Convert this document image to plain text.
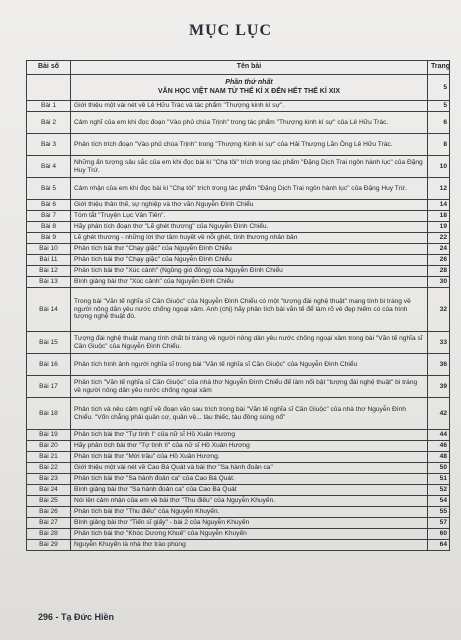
MỤC LỤC
Bài số	Tên bài	Trang

	Phần thứ nhất
VĂN HỌC VIỆT NAM TỪ THẾ KỈ X ĐẾN HẾT THẾ KỈ XIX	5
Bài 1	Giới thiệu một vài nét về Lê Hữu Trác và tác phẩm "Thượng kinh kí sự".	5
Bài 2	Cảm nghĩ của em khi đọc đoạn "Vào phủ chúa Trịnh" trong tác phẩm "Thượng kinh kí sự" của Lê Hữu Trác.	6
Bài 3	Phân tích trích đoạn "Vào phủ chúa Trịnh" trong "Thượng Kinh kí sự" của Hải Thượng Lãn Ông Lê Hữu Trác.	8
Bài 4	Những ấn tượng sâu sắc của em khi đọc bài kí "Chạ tôi" trích trong tác phẩm "Đặng Dịch Trai ngôn hành lục" của Đặng Huy Trứ.	10
Bài 5	Cảm nhận của em khi đọc bài kí "Chạ tôi" trích trong tác phẩm "Đặng Dịch Trai ngôn hành lục" của Đặng Huy Trứ.	12
Bài 6	Giới thiệu thân thế, sự nghiệp và thơ văn Nguyễn Đình Chiểu	14
Bài 7	Tóm tắt "Truyện Lục Vân Tiên".	18
Bài 8	Hãy phân tích đoạn thơ "Lẽ ghét thương" của Nguyễn Đình Chiểu.	19
Bài 9	Lẽ ghét thương - những lời thơ tâm huyết về nỗi ghét, tình thương nhân bản	22
Bài 10	Phân tích bài thơ "Chạy giặc" của Nguyễn Đình Chiểu	24
Bài 11	Phân tích bài thơ "Chạy giặc" của Nguyễn Đình Chiểu	26
Bài 12	Phân tích bài thơ "Xúc cảnh" (Ngồng gió đông) của Nguyễn Đình Chiểu	28
Bài 13	Bình giảng bài thơ "Xúc cảnh" của Nguyễn Đình Chiểu	30
Bài 14	Trong bài "Văn tế nghĩa sĩ Cần Giuộc" của Nguyễn Đình Chiểu có một "tượng đài nghệ thuật" mang tính bi tráng về người nông dân yêu nước chống ngoại xâm. Anh (chị) hãy phân tích bài văn tế để làm rõ vẻ đẹp hiếm có của hình tượng nghệ thuật đó.	32
Bài 15	Tượng đài nghệ thuật mang tính chất bi tráng về người nông dân yêu nước chống ngoại xâm trong bài "Văn tế nghĩa sĩ Cần Giuộc" của Nguyễn Đình Chiểu.	33
Bài 16	Phân tích hình ảnh người nghĩa sĩ trong bài "Văn tế nghĩa sĩ Cần Giuộc" của Nguyễn Đình Chiểu	36
Bài 17	Phân tích "Văn tế nghĩa sĩ Cần Giuộc" của nhà thơ Nguyễn Đình Chiểu để làm nổi bật "tượng đài nghệ thuật" bi tráng về người nông dân yêu nước chống ngoại xâm	39
Bài 18	Phân tích và nêu cảm nghĩ về đoạn văn sau trích trong bài "Văn tế nghĩa sĩ Cần Giuộc" của nhà thơ Nguyễn Đình Chiểu. "Vốn chẳng phải quân cơ, quân vệ... tàu thiếc, tàu đồng súng nổ"	42
Bài 19	Phân tích bài thơ "Tự tình I" của nữ sĩ Hồ Xuân Hương	44
Bài 20	Hãy phân tích bài thơ "Tự tình II" của nữ sĩ Hồ Xuân Hương	46
Bài 21	Phân tích bài thơ "Mời trầu" của Hồ Xuân Hương.	48
Bài 22	Giới thiệu một vài nét về Cao Bá Quát và bài thơ "Sa hành đoản ca"	50
Bài 23	Phân tích bài thơ "Sa hành đoản ca" của Cao Bá Quát.	51
Bài 24	Bình giảng bài thơ "Sa hành đoản ca" của Cao Bá Quát	52
Bài 25	Nói lên cảm nhận của em về bài thơ "Thu điếu" của Nguyễn Khuyến.	54
Bài 26	Phân tích bài thơ "Thu điếu" của Nguyễn Khuyến.	55
Bài 27	Bình giảng bài thơ "Tiến sĩ giấy" - bài 2 của Nguyễn Khuyến	57
Bài 28	Phân tích bài thơ "Khóc Dương Khuê" của Nguyễn Khuyến	60
Bài 29	Nguyễn Khuyến là nhà thơ trào phúng	64
296 - Tạ Đức Hiền
